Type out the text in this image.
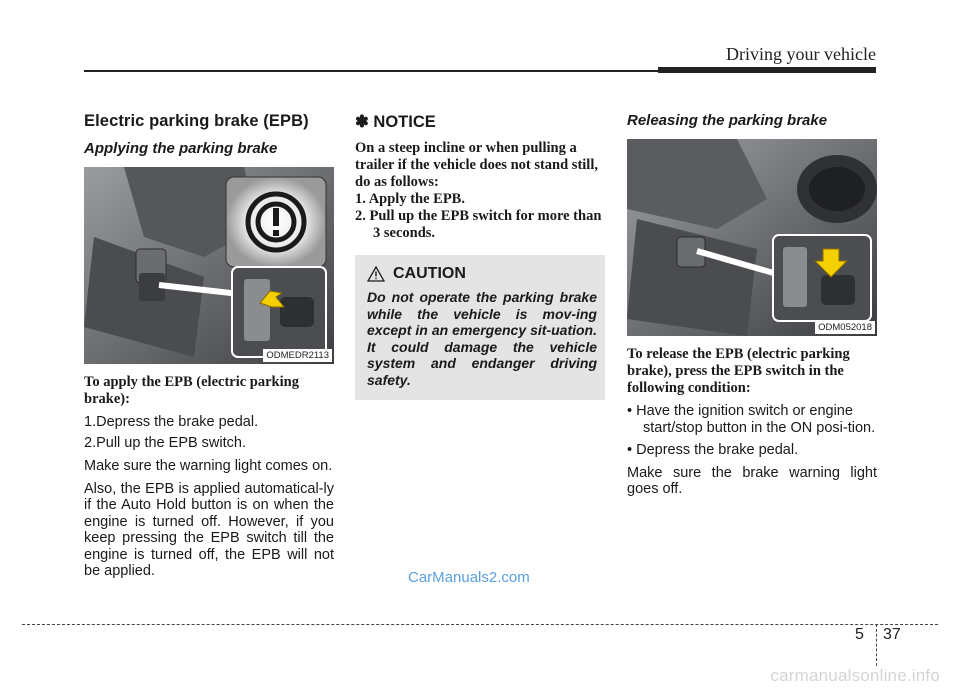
Driving your vehicle
Electric parking brake (EPB)
Applying the parking brake
ODMEDR2113
To apply the EPB (electric parking brake):
1.Depress the brake pedal.
2.Pull up the EPB switch.

Make sure the warning light comes on.

Also, the EPB is applied automatical-ly if the Auto Hold button is on when the engine is turned off. However, if you keep pressing the EPB switch till the engine is turned off, the EPB will not be applied.

✽ NOTICE

On a steep incline or when pulling a trailer if the vehicle does not stand still, do as follows:

1. Apply the EPB.
2. Pull up the EPB switch for more than 3 seconds.
CAUTION

Do not operate the parking brake while the vehicle is mov-ing except in an emergency sit-uation. It could damage the vehicle system and endanger driving safety.

Releasing the parking brake
ODM052018
To release the EPB (electric parking brake), press the EPB switch in the following condition:
• Have the ignition switch or engine start/stop button in the ON posi-tion.
• Depress the brake pedal.

Make sure the brake warning light goes off.

CarManuals2.com
5 37
carmanualsonline.info
